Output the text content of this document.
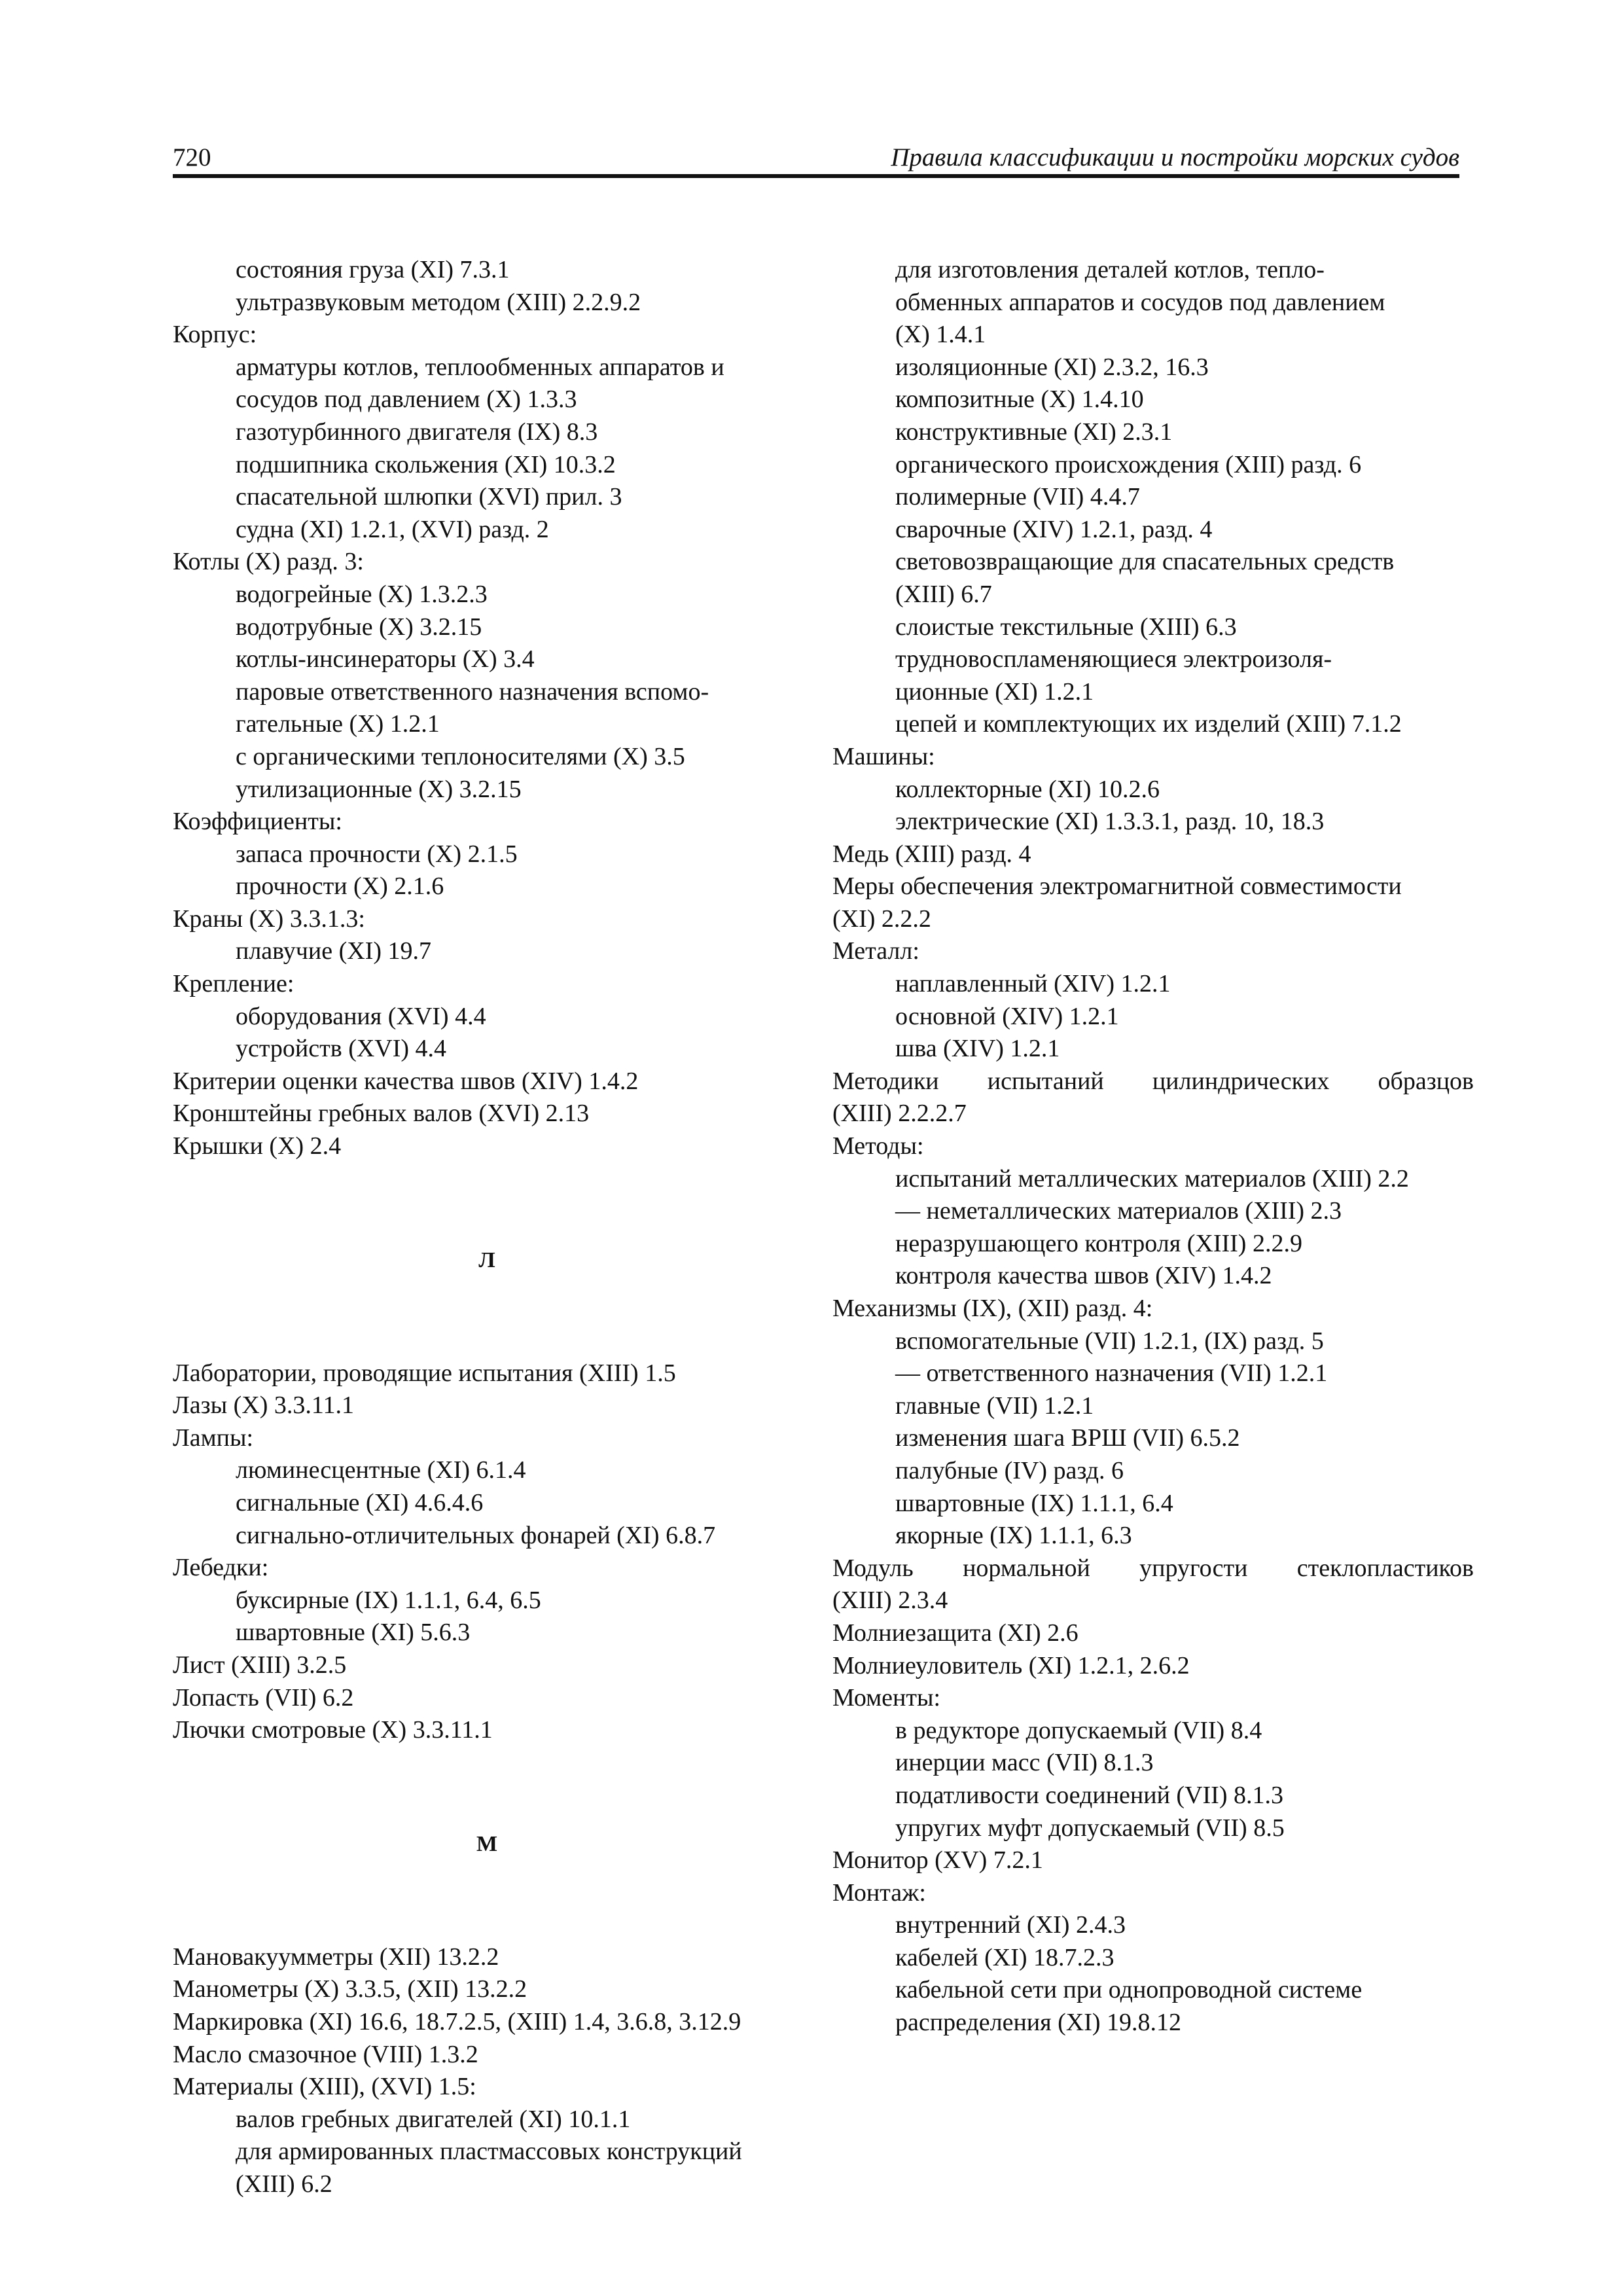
720	Правила классификации и постройки морских судов
состояния груза (XI) 7.3.1
ультразвуковым методом (XIII) 2.2.9.2
Корпус:
арматуры котлов, теплообменных аппаратов и
сосудов под давлением (X) 1.3.3
газотурбинного двигателя (IX) 8.3
подшипника скольжения (XI) 10.3.2
спасательной шлюпки (XVI) прил. 3
судна (XI) 1.2.1, (XVI) разд. 2
Котлы (X) разд. 3:
водогрейные (X) 1.3.2.3
водотрубные (X) 3.2.15
котлы-инсинераторы (X) 3.4
паровые ответственного назначения вспомо-
гательные (X) 1.2.1
с органическими теплоносителями (X) 3.5
утилизационные (X) 3.2.15
Коэффициенты:
запаса прочности (X) 2.1.5
прочности (X) 2.1.6
Краны (X) 3.3.1.3:
плавучие (XI) 19.7
Крепление:
оборудования (XVI) 4.4
устройств (XVI) 4.4
Критерии оценки качества швов (XIV) 1.4.2
Кронштейны гребных валов (XVI) 2.13
Крышки (X) 2.4
Л
Лаборатории, проводящие испытания (XIII) 1.5
Лазы (X) 3.3.11.1
Лампы:
люминесцентные (XI) 6.1.4
сигнальные (XI) 4.6.4.6
сигнально-отличительных фонарей (XI) 6.8.7
Лебедки:
буксирные (IX) 1.1.1, 6.4, 6.5
швартовные (XI) 5.6.3
Лист (XIII) 3.2.5
Лопасть (VII) 6.2
Лючки смотровые (X) 3.3.11.1
М
Мановакуумметры (XII) 13.2.2
Манометры (X) 3.3.5, (XII) 13.2.2
Маркировка (XI) 16.6, 18.7.2.5, (XIII) 1.4, 3.6.8, 3.12.9
Масло смазочное (VIII) 1.3.2
Материалы (XIII), (XVI) 1.5:
валов гребных двигателей (XI) 10.1.1
для армированных пластмассовых конструкций
(XIII) 6.2
для изготовления деталей котлов, тепло-
обменных аппаратов и сосудов под давлением
(X) 1.4.1
изоляционные (XI) 2.3.2, 16.3
композитные (X) 1.4.10
конструктивные (XI) 2.3.1
органического происхождения (XIII) разд. 6
полимерные (VII) 4.4.7
сварочные (XIV) 1.2.1, разд. 4
световозвращающие для спасательных средств
(XIII) 6.7
слоистые текстильные (XIII) 6.3
трудновоспламеняющиеся электроизоля-
ционные (XI) 1.2.1
цепей и комплектующих их изделий (XIII) 7.1.2
Машины:
коллекторные (XI) 10.2.6
электрические (XI) 1.3.3.1, разд. 10, 18.3
Медь (XIII) разд. 4
Меры обеспечения электромагнитной совместимости
(XI) 2.2.2
Металл:
наплавленный (XIV) 1.2.1
основной (XIV) 1.2.1
шва (XIV) 1.2.1
Методики испытаний цилиндрических образцов
(XIII) 2.2.2.7
Методы:
испытаний металлических материалов (XIII) 2.2
— неметаллических материалов (XIII) 2.3
неразрушающего контроля (XIII) 2.2.9
контроля качества швов (XIV) 1.4.2
Механизмы (IX), (XII) разд. 4:
вспомогательные (VII) 1.2.1, (IX) разд. 5
— ответственного назначения (VII) 1.2.1
главные (VII) 1.2.1
изменения шага ВРШ (VII) 6.5.2
палубные (IV) разд. 6
швартовные (IX) 1.1.1, 6.4
якорные (IX) 1.1.1, 6.3
Модуль нормальной упругости стеклопластиков
(XIII) 2.3.4
Молниезащита (XI) 2.6
Молниеуловитель (XI) 1.2.1, 2.6.2
Моменты:
в редукторе допускаемый (VII) 8.4
инерции масс (VII) 8.1.3
податливости соединений (VII) 8.1.3
упругих муфт допускаемый (VII) 8.5
Монитор (XV) 7.2.1
Монтаж:
внутренний (XI) 2.4.3
кабелей (XI) 18.7.2.3
кабельной сети при однопроводной системе
распределения (XI) 19.8.12
